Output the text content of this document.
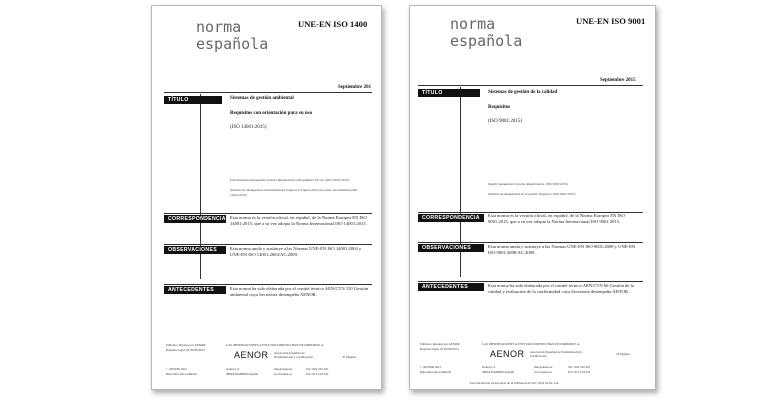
norma
española
UNE-EN ISO 1400
Septiembre 201
TÍTULO	Sistemas de gestión ambiental
Requisitos con orientación para su uso
(ISO 14001:2015)
Environmental management systems. Requirements with guidance for use. (ISO 14001:2015).
Systèmes de management environnemental. Exigences et lignes directrices pour son utilisation (ISO 14001:2015).
CORRESPONDENCIA Esta norma es la versión oficial, en español, de la Norma Europea EN ISO 14001:2015, que a su vez adopta la Norma Internacional ISO 14001:2015.
OBSERVACIONES	Esta norma anula y sustituye a las Normas UNE-EN ISO 14001:2004 y UNE-EN ISO 14001:2004/AC:2009.
ANTECEDENTES	Esta norma ha sido elaborada por el comité técnico AEN/CTN 150 Gestión ambiental cuya Secretaría desempeña AENOR.
Editada e impresa por AENOR
Depósito legal: M 29700:2015
LAS OBSERVACIONES A ESTE DOCUMENTO HAN DE DIRIGIRSE A:
AENOR Asociación Española de Normalización y Certificación	47 Páginas
© AENOR 2015
Reproducción prohibida
Génova, 6
28004 MADRID-España
info@aenor.es
www.aenor.es
Tel.: 902 102 201
Fax: 913 104 032
norma
española
UNE-EN ISO 9001
Septiembre 2015
TÍTULO	Sistemas de gestión de la calidad
Requisitos
(ISO 9001:2015)
Quality management systems. Requirements. (ISO 9001:2015).
Systèmes de management de la qualité. Exigences. (ISO 9001:2015).
CORRESPONDENCIA	Esta norma es la versión oficial, en español, de la Norma Europea EN ISO 9001:2015, que a su vez adopta la Norma Internacional ISO 9001:2015.
OBSERVACIONES	Esta norma anula y sustituye a las Normas UNE-EN ISO 9001:2008 y UNE-EN ISO 9001:2008/AC:2009.
ANTECEDENTES	Esta norma ha sido elaborada por el comité técnico AEN/CTN 66 Gestión de la calidad y evaluación de la conformidad cuya Secretaría desempeña AENOR.
Editada e impresa por AENOR
Depósito legal: M 29700:2015
LAS OBSERVACIONES A ESTE DOCUMENTO HAN DE DIRIGIRSE A:
AENOR Asociación Española de Normalización y Certificación
45 Páginas
© AENOR 2015
Reproducción prohibida
Génova, 6
28004 MADRID-España
info@aenor.es
www.aenor.es
Tel.: 902 102 201
Fax: 913 104 032
Este documento forma parte de la biblioteca de SGC AQS GLOL S.A.
